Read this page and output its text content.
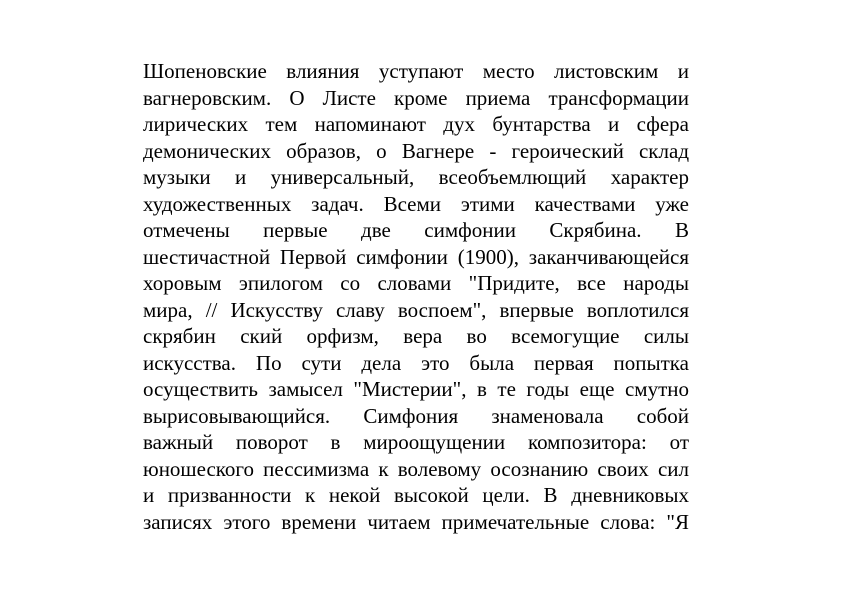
Шопеновские влияния уступают место листовским и
вагнеровским. О Листе кроме приема трансформации
лирических тем напоминают дух бунтарства и сфера
демонических образов, о Вагнере - героический склад
музыки и универсальный, всеобъемлющий характер
художественных задач. Всеми этими качествами уже
отмечены первые две симфонии Скрябина. В
шестичастной Первой симфонии (1900), заканчивающейся
хоровым эпилогом со словами "Придите, все народы
мира, // Искусству славу воспоем", впервые воплотился
скрябин ский орфизм, вера во всемогущие силы
искусства. По сути дела это была первая попытка
осуществить замысел "Мистерии", в те годы еще смутно
вырисовывающийся. Симфония знаменовала собой
важный поворот в мироощущении композитора: от
юношеского пессимизма к волевому осознанию своих сил
и призванности к некой высокой цели. В дневниковых
записях этого времени читаем примечательные слова: "Я
